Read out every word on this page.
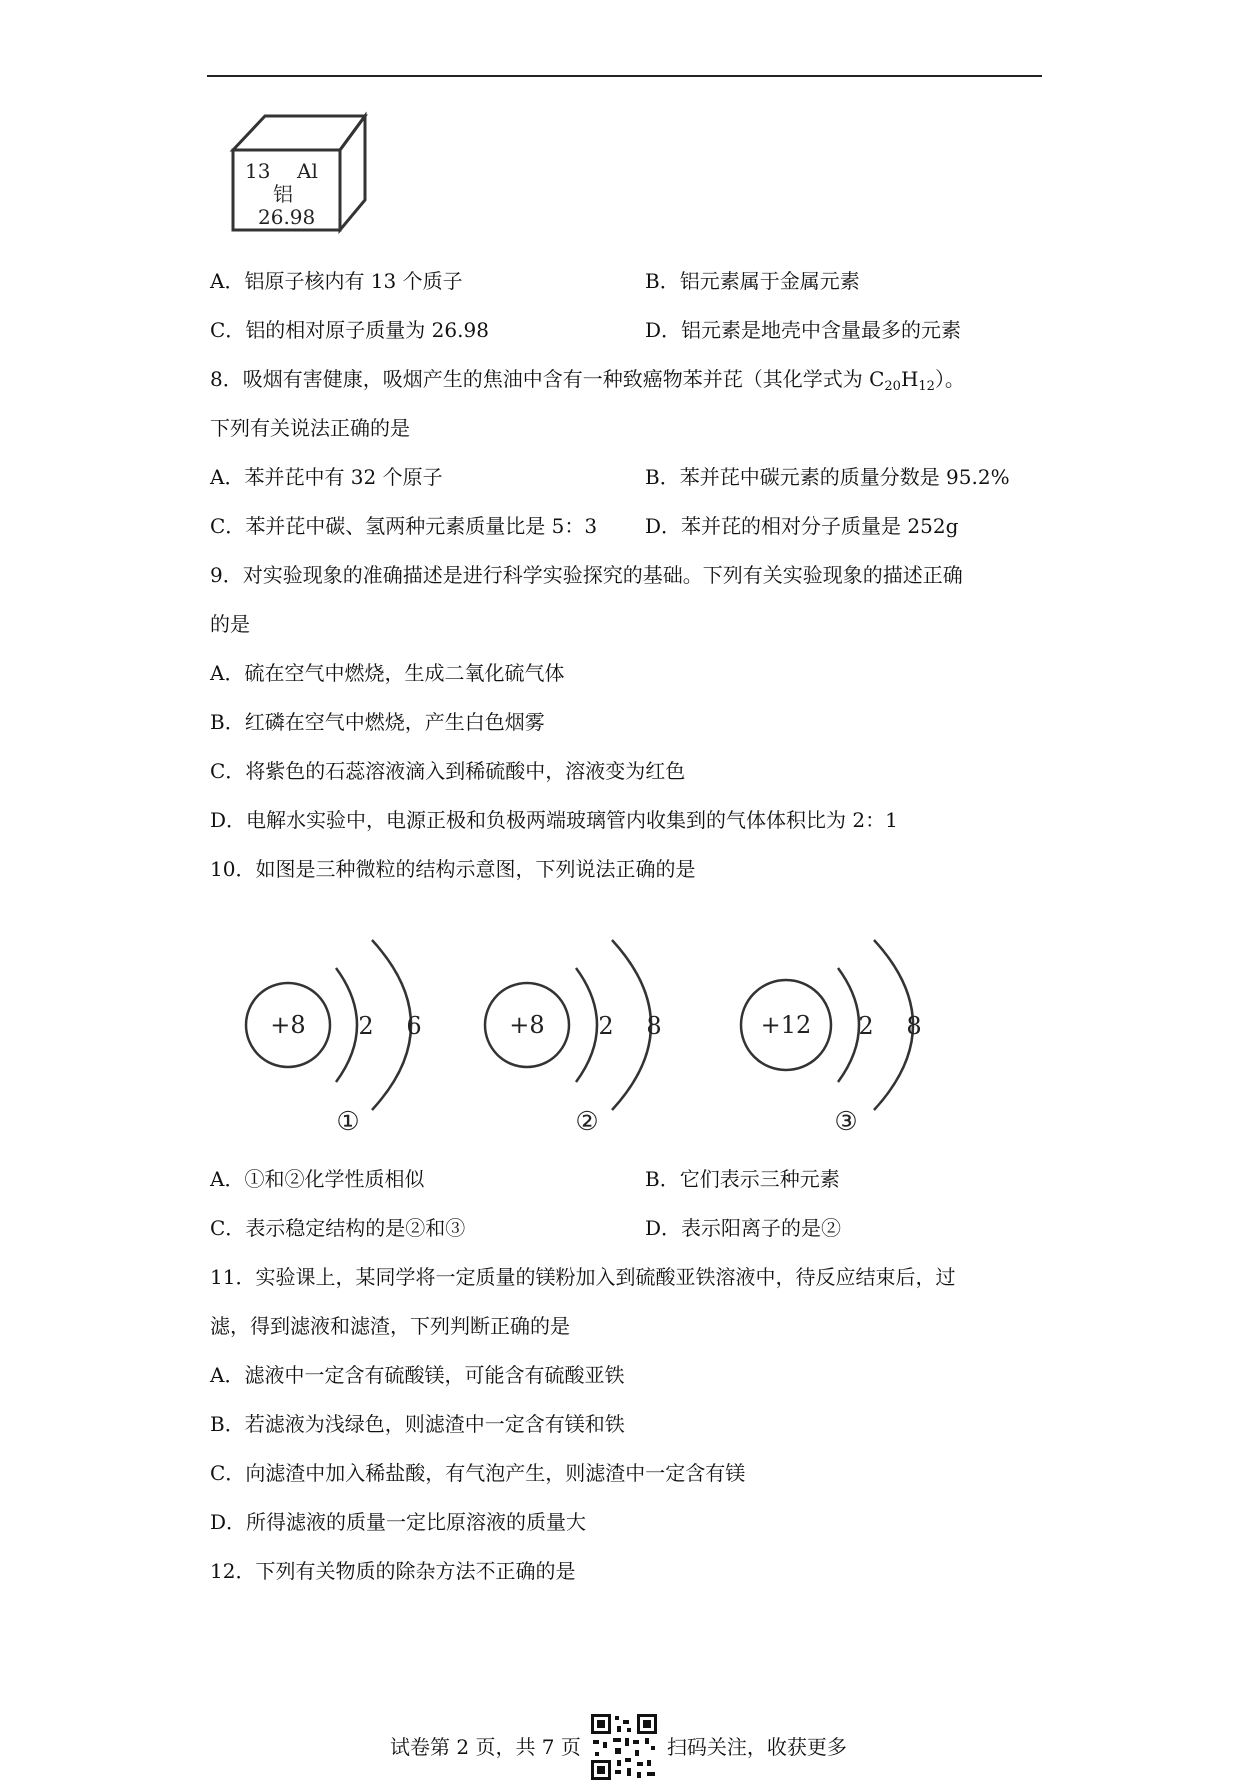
13 Al
铝
26.98
A．铝原子核内有 13 个质子	B．铝元素属于金属元素
C．铝的相对原子质量为 26.98	D．铝元素是地壳中含量最多的元素
8．吸烟有害健康，吸烟产生的焦油中含有一种致癌物苯并芘（其化学式为 $C_{20}H_{12}$）。
下列有关说法正确的是
A．苯并芘中有 32 个原子	B．苯并芘中碳元素的质量分数是 95.2%
C．苯并芘中碳、氢两种元素质量比是 5：3 D．苯并芘的相对分子质量是 252g
9．对实验现象的准确描述是进行科学实验探究的基础。下列有关实验现象的描述正确
的是
A．硫在空气中燃烧，生成二氧化硫气体
B．红磷在空气中燃烧，产生白色烟雾
C．将紫色的石蕊溶液滴入到稀硫酸中，溶液变为红色
D．电解水实验中，电源正极和负极两端玻璃管内收集到的气体体积比为 2：1
10．如图是三种微粒的结构示意图，下列说法正确的是
+8 2 6
①
+8 2 8
②
+12 2 8
③
A．①和②化学性质相似	B．它们表示三种元素
C．表示稳定结构的是②和③	D．表示阳离子的是②
11．实验课上，某同学将一定质量的镁粉加入到硫酸亚铁溶液中，待反应结束后，过
滤，得到滤液和滤渣，下列判断正确的是
A．滤液中一定含有硫酸镁，可能含有硫酸亚铁
B．若滤液为浅绿色，则滤渣中一定含有镁和铁
C．向滤渣中加入稀盐酸，有气泡产生，则滤渣中一定含有镁
D．所得滤液的质量一定比原溶液的质量大
12．下列有关物质的除杂方法不正确的是
试卷第 2 页，共 7 页	扫码关注，收获更多
